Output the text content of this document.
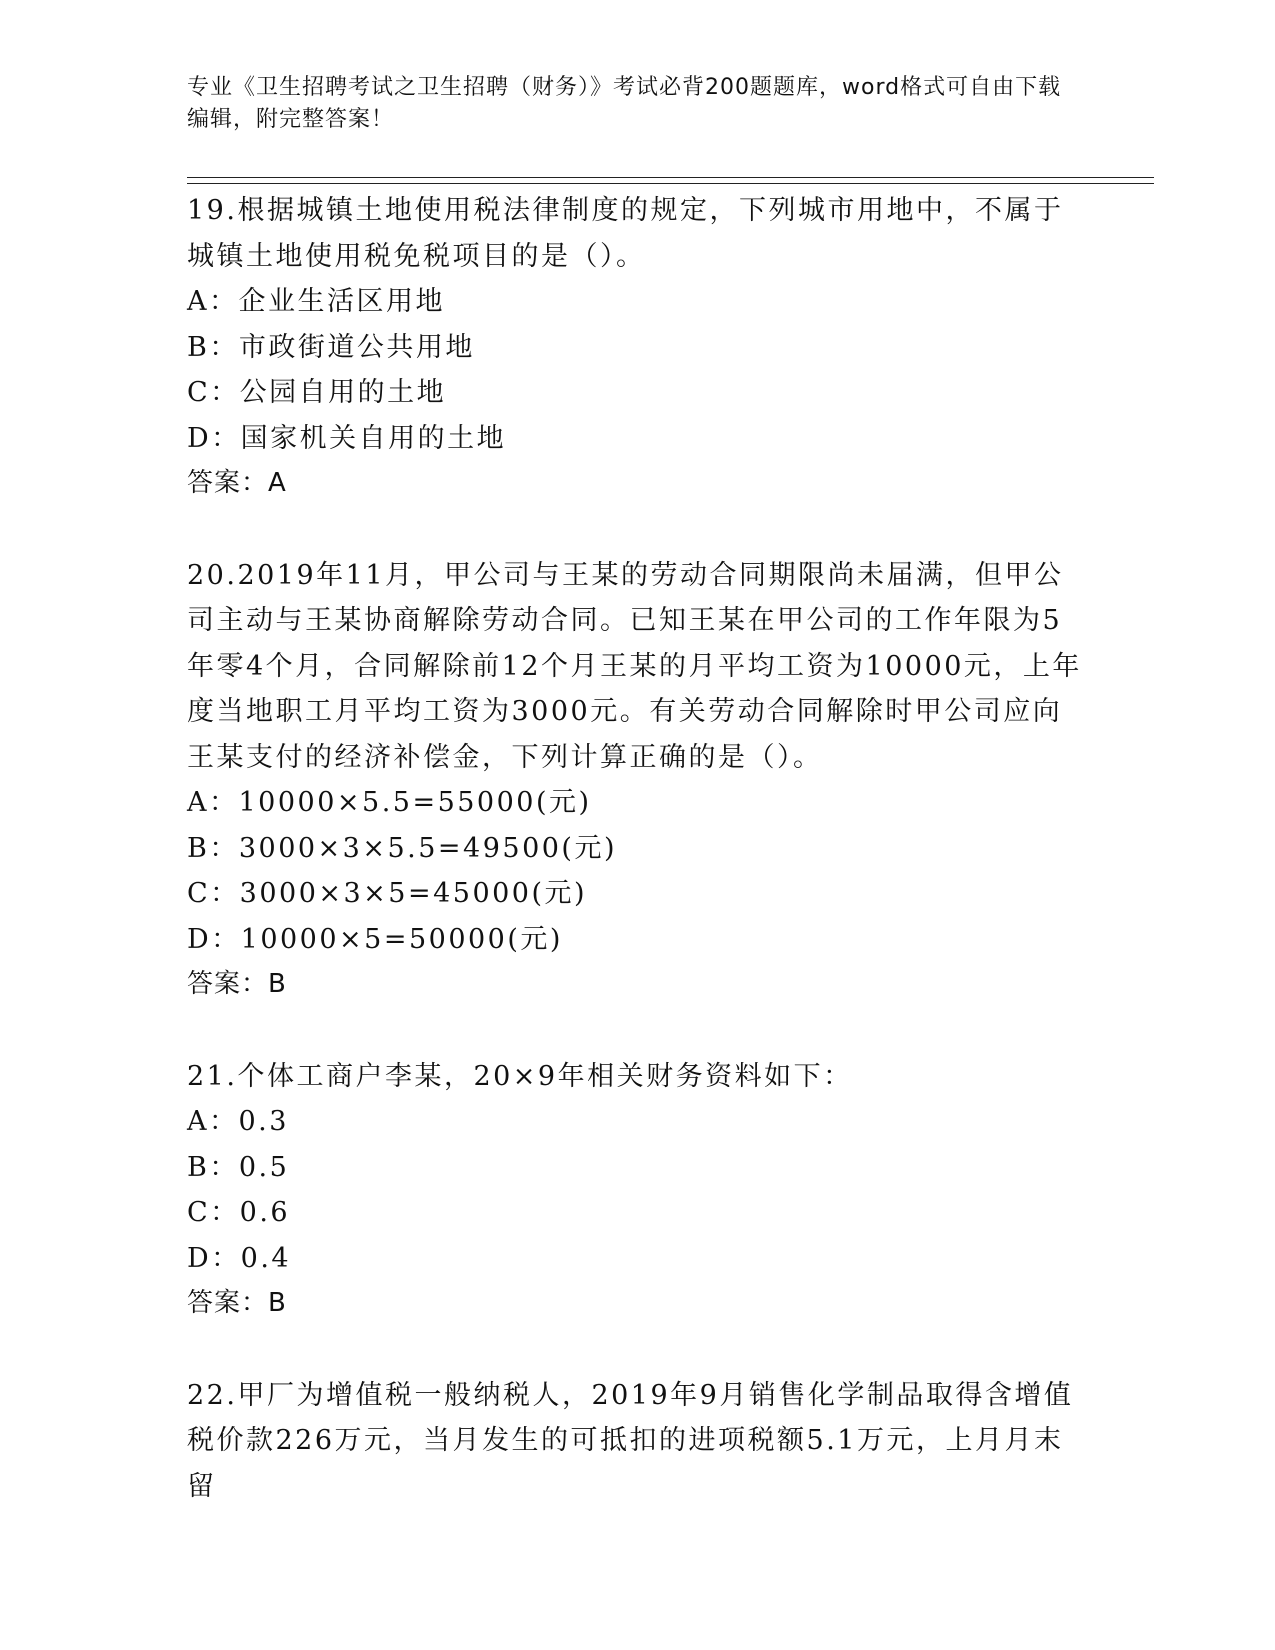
专业《卫生招聘考试之卫生招聘（财务）》考试必背200题题库，word格式可自由下载编辑，附完整答案！

19.根据城镇土地使用税法律制度的规定，下列城市用地中，不属于城镇土地使用税免税项目的是（）。

A：企业生活区用地

B：市政街道公共用地

C：公园自用的土地

D：国家机关自用的土地

答案：A

20.2019年11月，甲公司与王某的劳动合同期限尚未届满，但甲公司主动与王某协商解除劳动合同。已知王某在甲公司的工作年限为5年零4个月，合同解除前12个月王某的月平均工资为10000元，上年度当地职工月平均工资为3000元。有关劳动合同解除时甲公司应向王某支付的经济补偿金，下列计算正确的是（）。

A：10000×5.5=55000(元)

B：3000×3×5.5=49500(元)

C：3000×3×5=45000(元)

D：10000×5=50000(元)

答案：B

21.个体工商户李某，20×9年相关财务资料如下：

A：0.3

B：0.5

C：0.6

D：0.4

答案：B

22.甲厂为增值税一般纳税人，2019年9月销售化学制品取得含增值税价款226万元，当月发生的可抵扣的进项税额5.1万元，上月月末留
